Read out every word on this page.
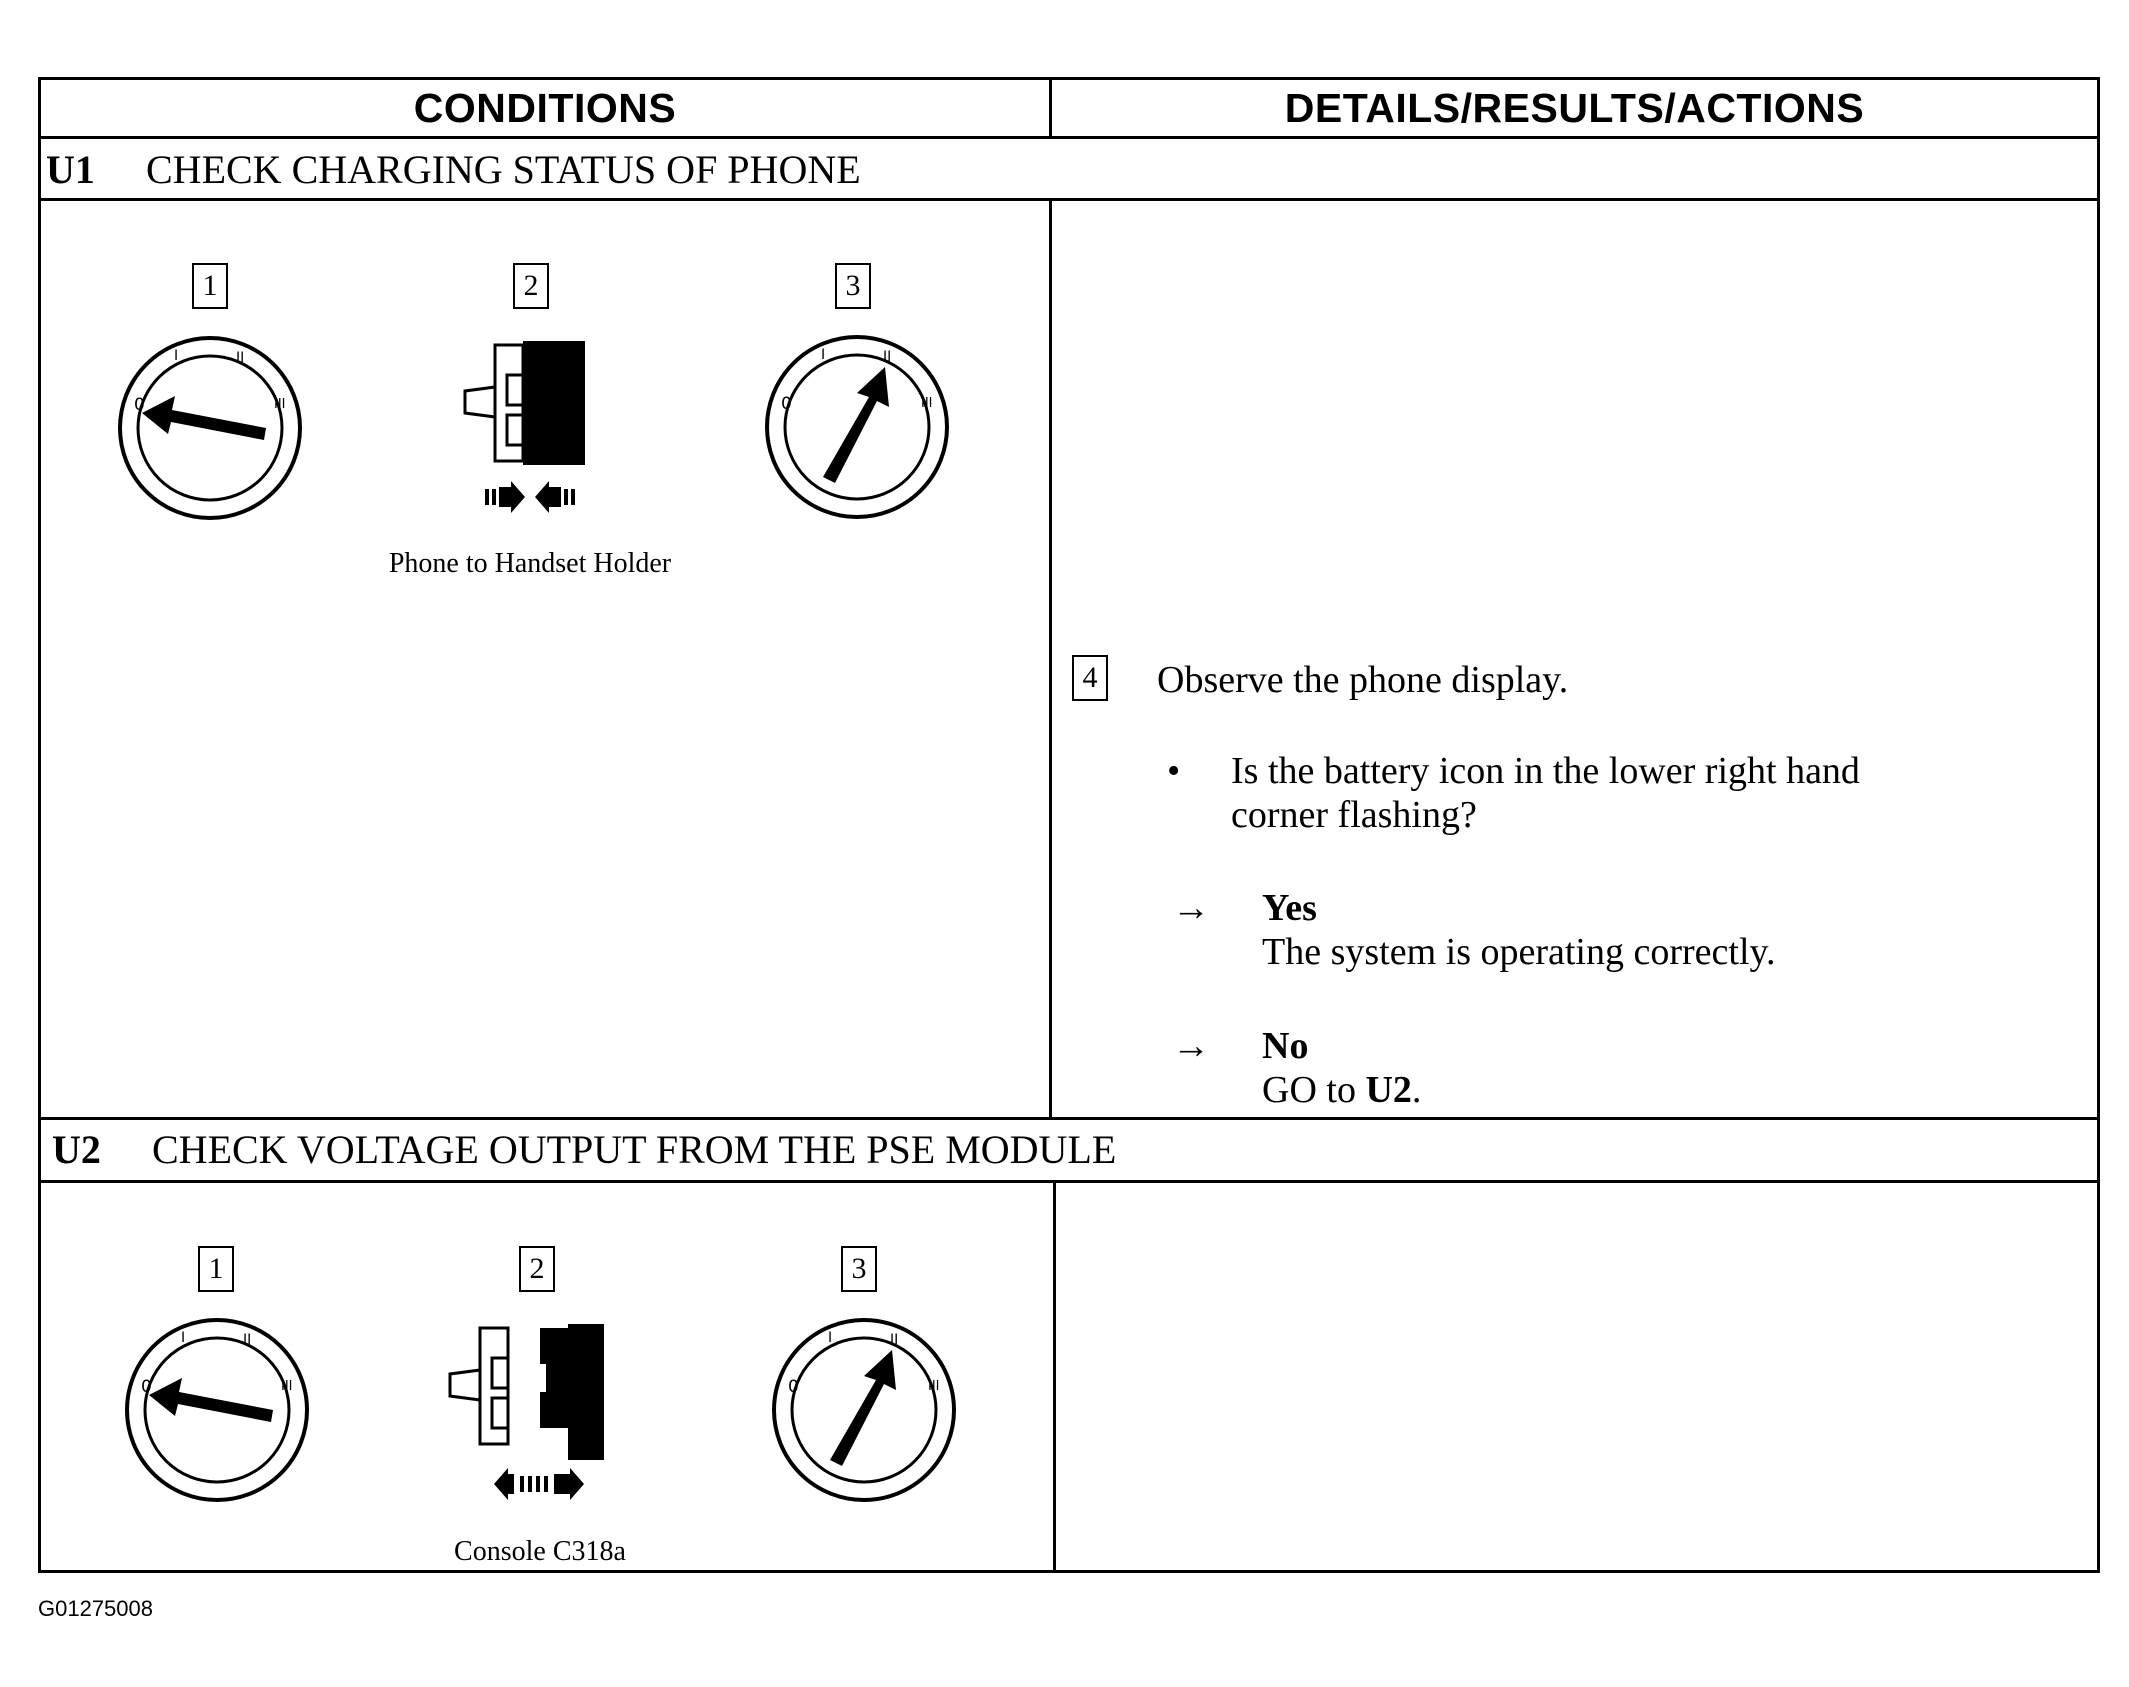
CONDITIONS	DETAILS/RESULTS/ACTIONS
U1 CHECK CHARGING STATUS OF PHONE
1	2	3
0
I	II
III
Phone to Handset Holder
0
I	II
III
4 Observe the phone display.
• Is the battery icon in the lower right hand
corner flashing?
→ Yes
The system is operating correctly.
→ No
GO to U2.
U2 CHECK VOLTAGE OUTPUT FROM THE PSE MODULE
1	2	3
0
I	II
III
Console C318a
0
I	II
III
G01275008
